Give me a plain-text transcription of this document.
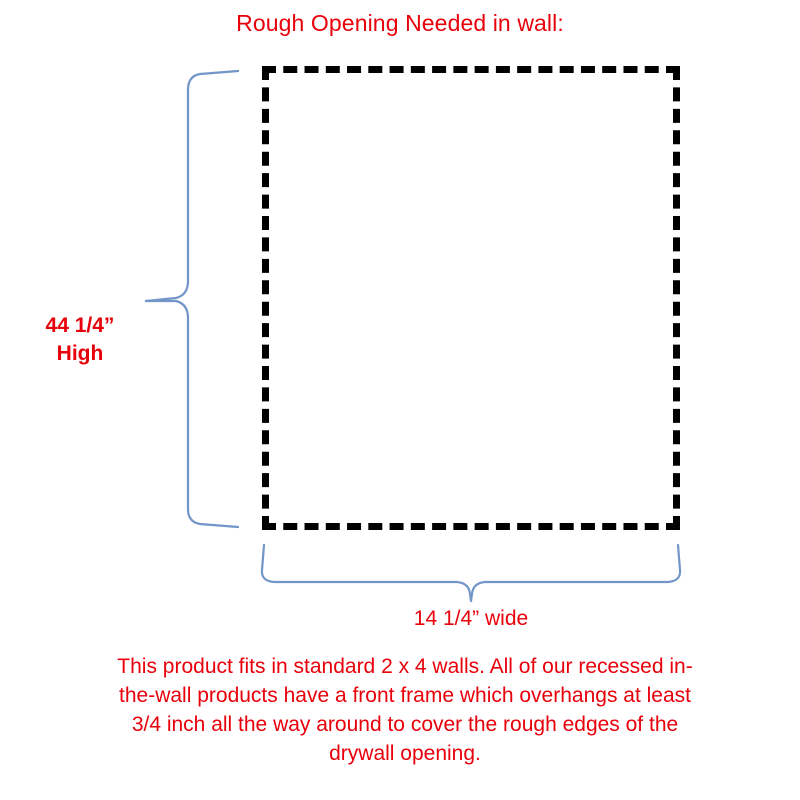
Rough Opening Needed in wall:
44 1/4”
High
14 1/4” wide
This product fits in standard 2 x 4 walls. All of our recessed in-the-wall products have a front frame which overhangs at least 3/4 inch all the way around to cover the rough edges of the drywall opening.
